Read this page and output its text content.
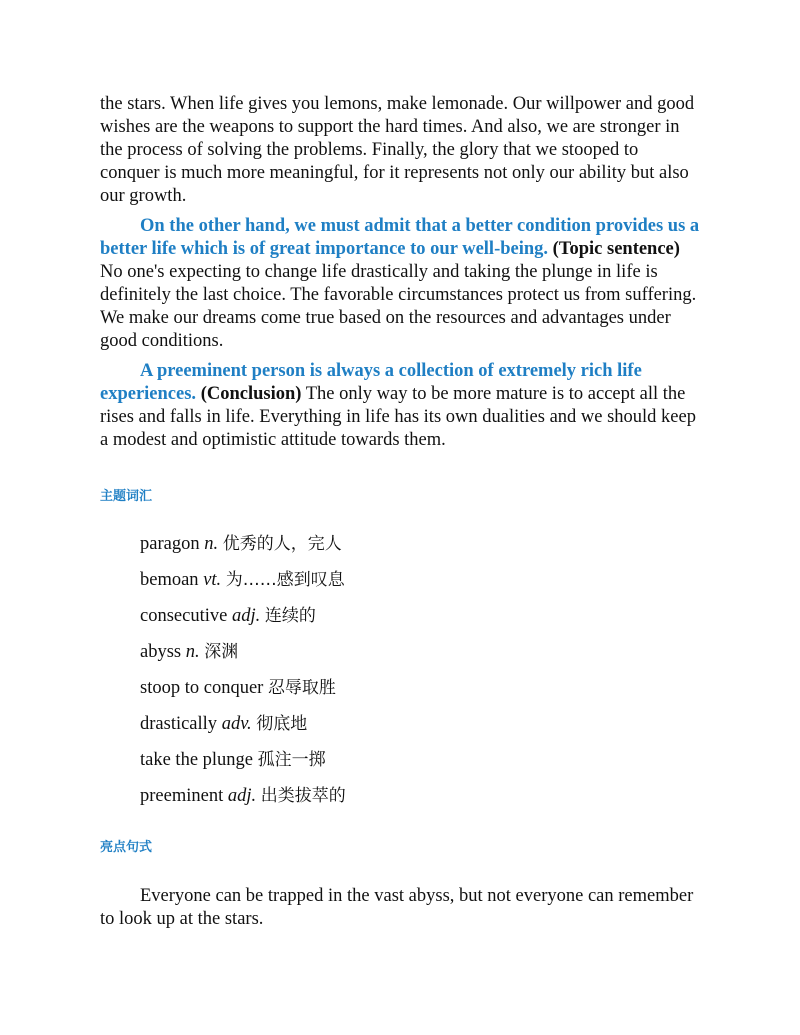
the stars. When life gives you lemons, make lemonade. Our willpower and good wishes are the weapons to support the hard times. And also, we are stronger in the process of solving the problems. Finally, the glory that we stooped to conquer is much more meaningful, for it represents not only our ability but also our growth.

On the other hand, we must admit that a better condition provides us a better life which is of great importance to our well-being. (Topic sentence) No one's expecting to change life drastically and taking the plunge in life is definitely the last choice. The favorable circumstances protect us from suffering. We make our dreams come true based on the resources and advantages under good conditions.

A preeminent person is always a collection of extremely rich life experiences. (Conclusion) The only way to be more mature is to accept all the rises and falls in life. Everything in life has its own dualities and we should keep a modest and optimistic attitude towards them.

主题词汇
paragon n. 优秀的人，完人
bemoan vt. 为……感到叹息
consecutive adj. 连续的
abyss n. 深渊
stoop to conquer 忍辱取胜
drastically adv. 彻底地
take the plunge 孤注一掷
preeminent adj. 出类拔萃的
亮点句式

Everyone can be trapped in the vast abyss, but not everyone can remember to look up at the stars.
